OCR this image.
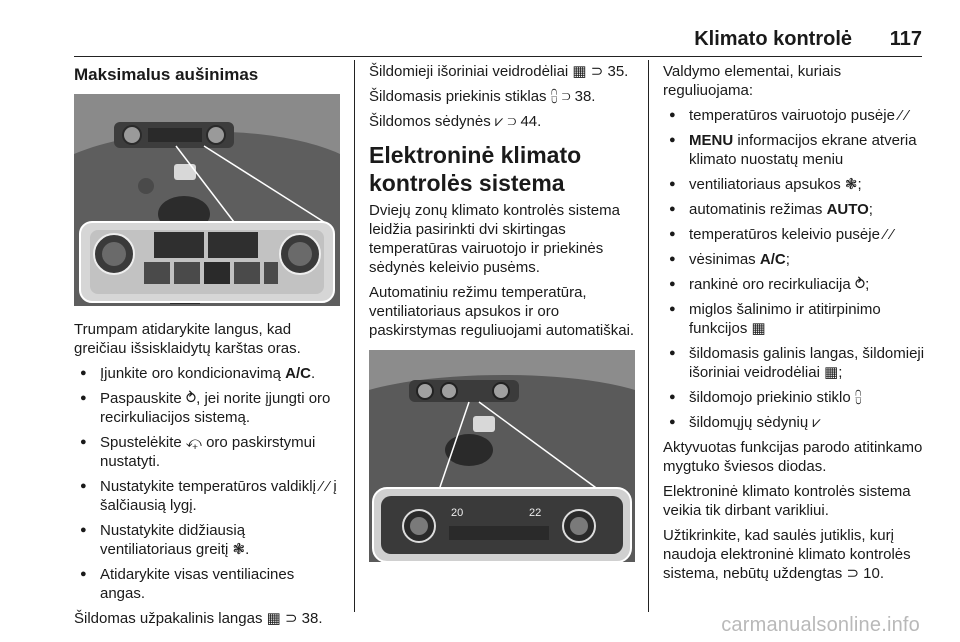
Klimato kontrolė 117
Maksimalus aušinimas

Trumpam atidarykite langus, kad greičiau išsisklaidytų karštas oras.

● Įjunkite oro kondicionavimą A/C.
● Paspauskite ⥁, jei norite įjungti oro recirkuliacijos sistemą.
● Spustelėkite ⤽ oro paskirstymui nustatyti.
● Nustatykite temperatūros valdiklį ⁄ ⁄ į šalčiausią lygį.
● Nustatykite didžiausią ventiliatoriaus greitį ❃.
● Atidarykite visas ventiliacines angas.

Šildomas užpakalinis langas ▦ ⊃ 38.

Šildomieji išoriniai veidrodėliai ▦ ⊃ 35.

Šildomasis priekinis stiklas ⩉ ⊃ 38.

Šildomos sėdynės ⩗ ⊃ 44.

Elektroninė klimato kontrolės sistema

Dviejų zonų klimato kontrolės sistema leidžia pasirinkti dvi skirtingas temperatūras vairuotojo ir priekinės sėdynės keleivio pusėms.

Automatiniu režimu temperatūra, ventiliatoriaus apsukos ir oro paskirstymas reguliuojami automatiškai.

20	22

Valdymo elementai, kuriais reguliuojama:

● temperatūros vairuotojo pusėje ⁄ ⁄
● MENU informacijos ekrane atveria klimato nuostatų meniu
● ventiliatoriaus apsukos ❃;
● automatinis režimas AUTO;
● temperatūros keleivio pusėje ⁄ ⁄
● vėsinimas A/C;
● rankinė oro recirkuliacija ⥁;
● miglos šalinimo ir atitirpinimo funkcijos ▦
● šildomasis galinis langas, šildomieji išoriniai veidrodėliai ▦;
● šildomojo priekinio stiklo ⩉
● šildomųjų sėdynių ⩗

Aktyvuotas funkcijas parodo atitinkamo mygtuko šviesos diodas.

Elektroninė klimato kontrolės sistema veikia tik dirbant varikliui.

Užtikrinkite, kad saulės jutiklis, kurį naudoja elektroninė klimato kontrolės sistema, nebūtų uždengtas ⊃ 10.

carmanualsonline.info
